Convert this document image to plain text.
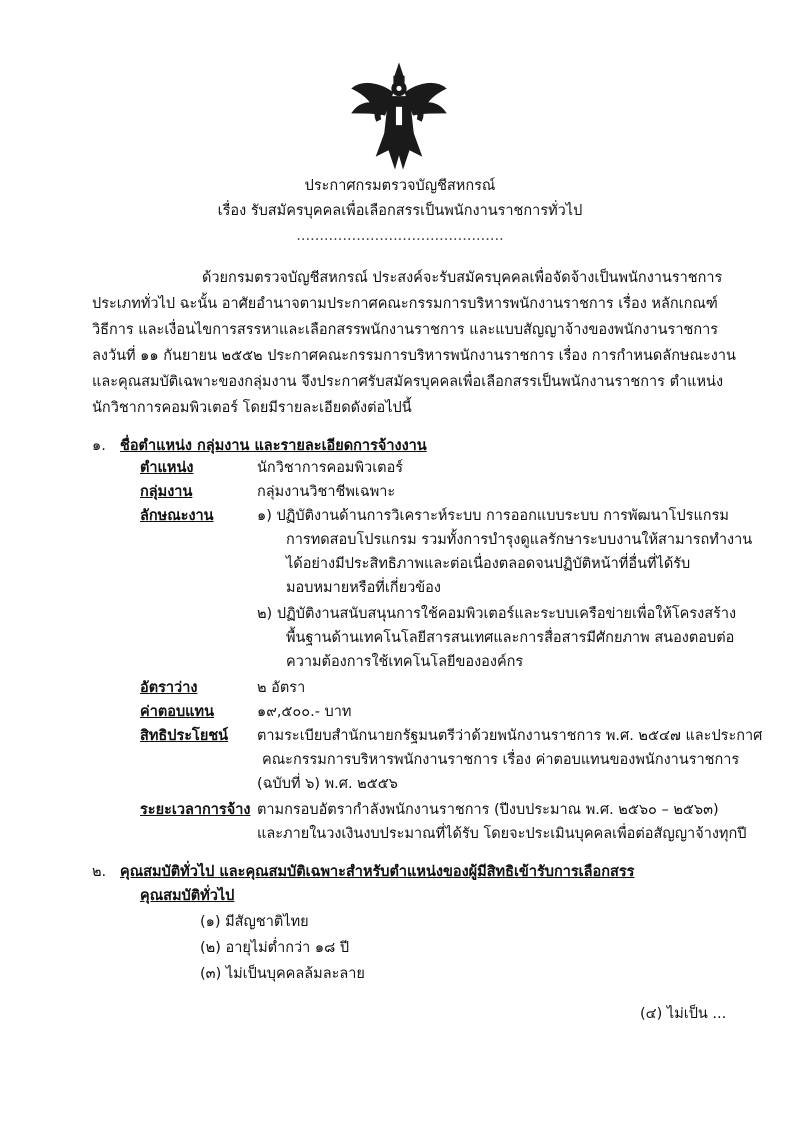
ประกาศกรมตรวจบัญชีสหกรณ์
เรื่อง รับสมัครบุคคลเพื่อเลือกสรรเป็นพนักงานราชการทั่วไป
.............................................
ด้วยกรมตรวจบัญชีสหกรณ์ ประสงค์จะรับสมัครบุคคลเพื่อจัดจ้างเป็นพนักงานราชการ
ประเภททั่วไป ฉะนั้น อาศัยอำนาจตามประกาศคณะกรรมการบริหารพนักงานราชการ เรื่อง หลักเกณฑ์
วิธีการ และเงื่อนไขการสรรหาและเลือกสรรพนักงานราชการ และแบบสัญญาจ้างของพนักงานราชการ
ลงวันที่ ๑๑ กันยายน ๒๕๕๒ ประกาศคณะกรรมการบริหารพนักงานราชการ เรื่อง การกำหนดลักษณะงาน
และคุณสมบัติเฉพาะของกลุ่มงาน จึงประกาศรับสมัครบุคคลเพื่อเลือกสรรเป็นพนักงานราชการ ตำแหน่ง
นักวิชาการคอมพิวเตอร์ โดยมีรายละเอียดดังต่อไปนี้
๑. ชื่อตำแหน่ง กลุ่มงาน และรายละเอียดการจ้างงาน
ตำแหน่ง	นักวิชาการคอมพิวเตอร์
กลุ่มงาน	กลุ่มงานวิชาชีพเฉพาะ
ลักษณะงาน	๑) ปฏิบัติงานด้านการวิเคราะห์ระบบ การออกแบบระบบ การพัฒนาโปรแกรม
การทดสอบโปรแกรม รวมทั้งการบำรุงดูแลรักษาระบบงานให้สามารถทำงาน
ได้อย่างมีประสิทธิภาพและต่อเนื่องตลอดจนปฏิบัติหน้าที่อื่นที่ได้รับ
มอบหมายหรือที่เกี่ยวข้อง
๒) ปฏิบัติงานสนับสนุนการใช้คอมพิวเตอร์และระบบเครือข่ายเพื่อให้โครงสร้าง
พื้นฐานด้านเทคโนโลยีสารสนเทศและการสื่อสารมีศักยภาพ สนองตอบต่อ
ความต้องการใช้เทคโนโลยีขององค์กร
อัตราว่าง	๒ อัตรา
ค่าตอบแทน	๑๙,๕๐๐.- บาท
สิทธิประโยชน์ ตามระเบียบสำนักนายกรัฐมนตรีว่าด้วยพนักงานราชการ พ.ศ. ๒๕๔๗ และประกาศ
คณะกรรมการบริหารพนักงานราชการ เรื่อง ค่าตอบแทนของพนักงานราชการ
(ฉบับที่ ๖) พ.ศ. ๒๕๕๖
ระยะเวลาการจ้าง ตามกรอบอัตรากำลังพนักงานราชการ (ปีงบประมาณ พ.ศ. ๒๕๖๐ – ๒๕๖๓)
และภายในวงเงินงบประมาณที่ได้รับ โดยจะประเมินบุคคลเพื่อต่อสัญญาจ้างทุกปี
๒. คุณสมบัติทั่วไป และคุณสมบัติเฉพาะสำหรับตำแหน่งของผู้มีสิทธิเข้ารับการเลือกสรร
คุณสมบัติทั่วไป
(๑) มีสัญชาติไทย
(๒) อายุไม่ต่ำกว่า ๑๘ ปี
(๓) ไม่เป็นบุคคลล้มละลาย
(๔) ไม่เป็น ...
